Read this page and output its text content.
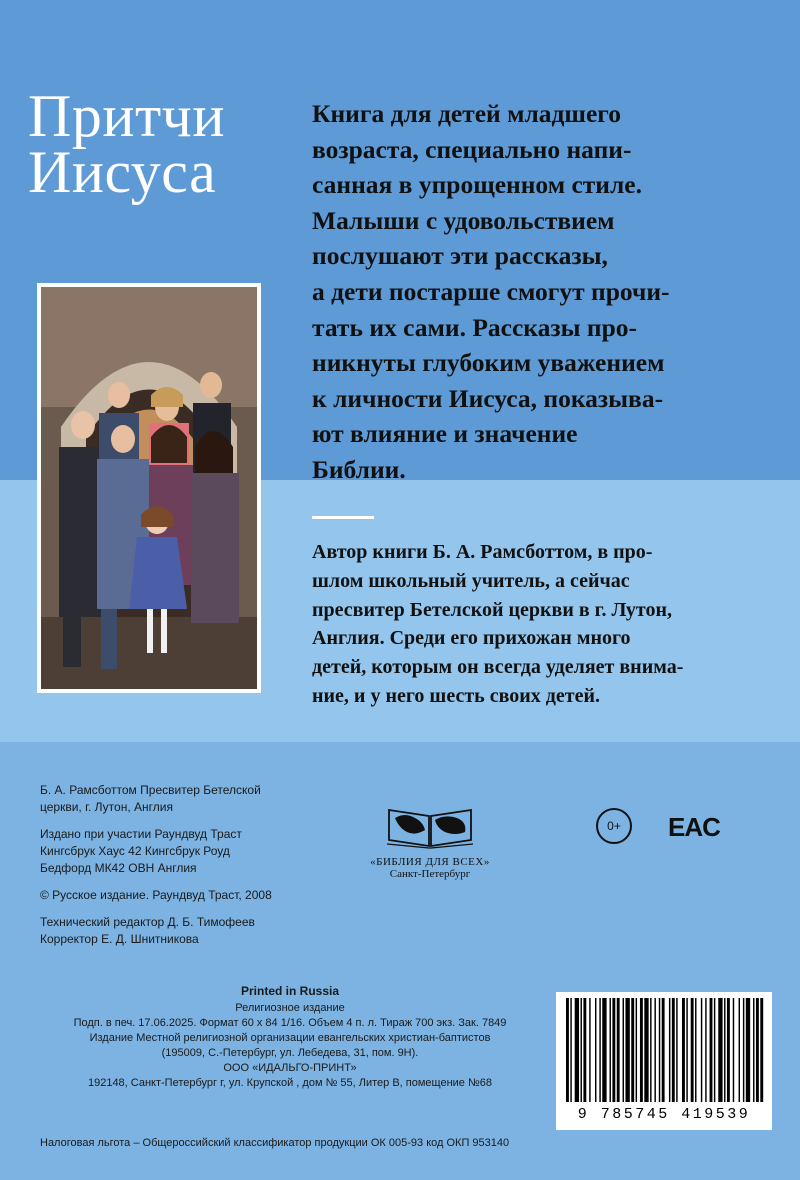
Притчи
Иисуса
Книга для детей младшего
возраста, специально напи-
санная в упрощенном стиле.
Малыши с удовольствием
послушают эти рассказы,
а дети постарше смогут прочи-
тать их сами. Рассказы про-
никнуты глубоким уважением
к личности Иисуса, показыва-
ют влияние и значение
Библии.
Автор книги Б. А. Рамсботтом, в про-
шлом школьный учитель, а сейчас
пресвитер Бетелской церкви в г. Лутон,
Англия. Среди его прихожан много
детей, которым он всегда уделяет внима-
ние, и у него шесть своих детей.
Б. А. Рамсботтом Пресвитер Бетелской
церкви, г. Лутон, Англия
Издано при участии Раундвуд Траст
Кингсбрук Хаус 42 Кингсбрук Роуд
Бедфорд МК42 OBH Англия
© Русское издание. Раундвуд Траст, 2008
Технический редактор Д. Б. Тимофеев
Корректор Е. Д. Шнитникова
«БИБЛИЯ ДЛЯ ВСЕХ»
Санкт-Петербург
0+	EAC
Printed in Russia
Религиозное издание
Подп. в печ. 17.06.2025. Формат 60 х 84 1/16. Объем 4 п. л. Тираж 700 экз. Зак. 7849
Издание Местной религиозной организации евангельских христиан-баптистов
(195009, С.-Петербург, ул. Лебедева, 31, пом. 9Н).
ООО «ИДАЛЬГО-ПРИНТ»
192148, Санкт-Петербург г, ул. Крупской , дом № 55, Литер В, помещение №68
Налоговая льгота – Общероссийский классификатор продукции ОК 005-93 код ОКП 953140
9 785745 419539
